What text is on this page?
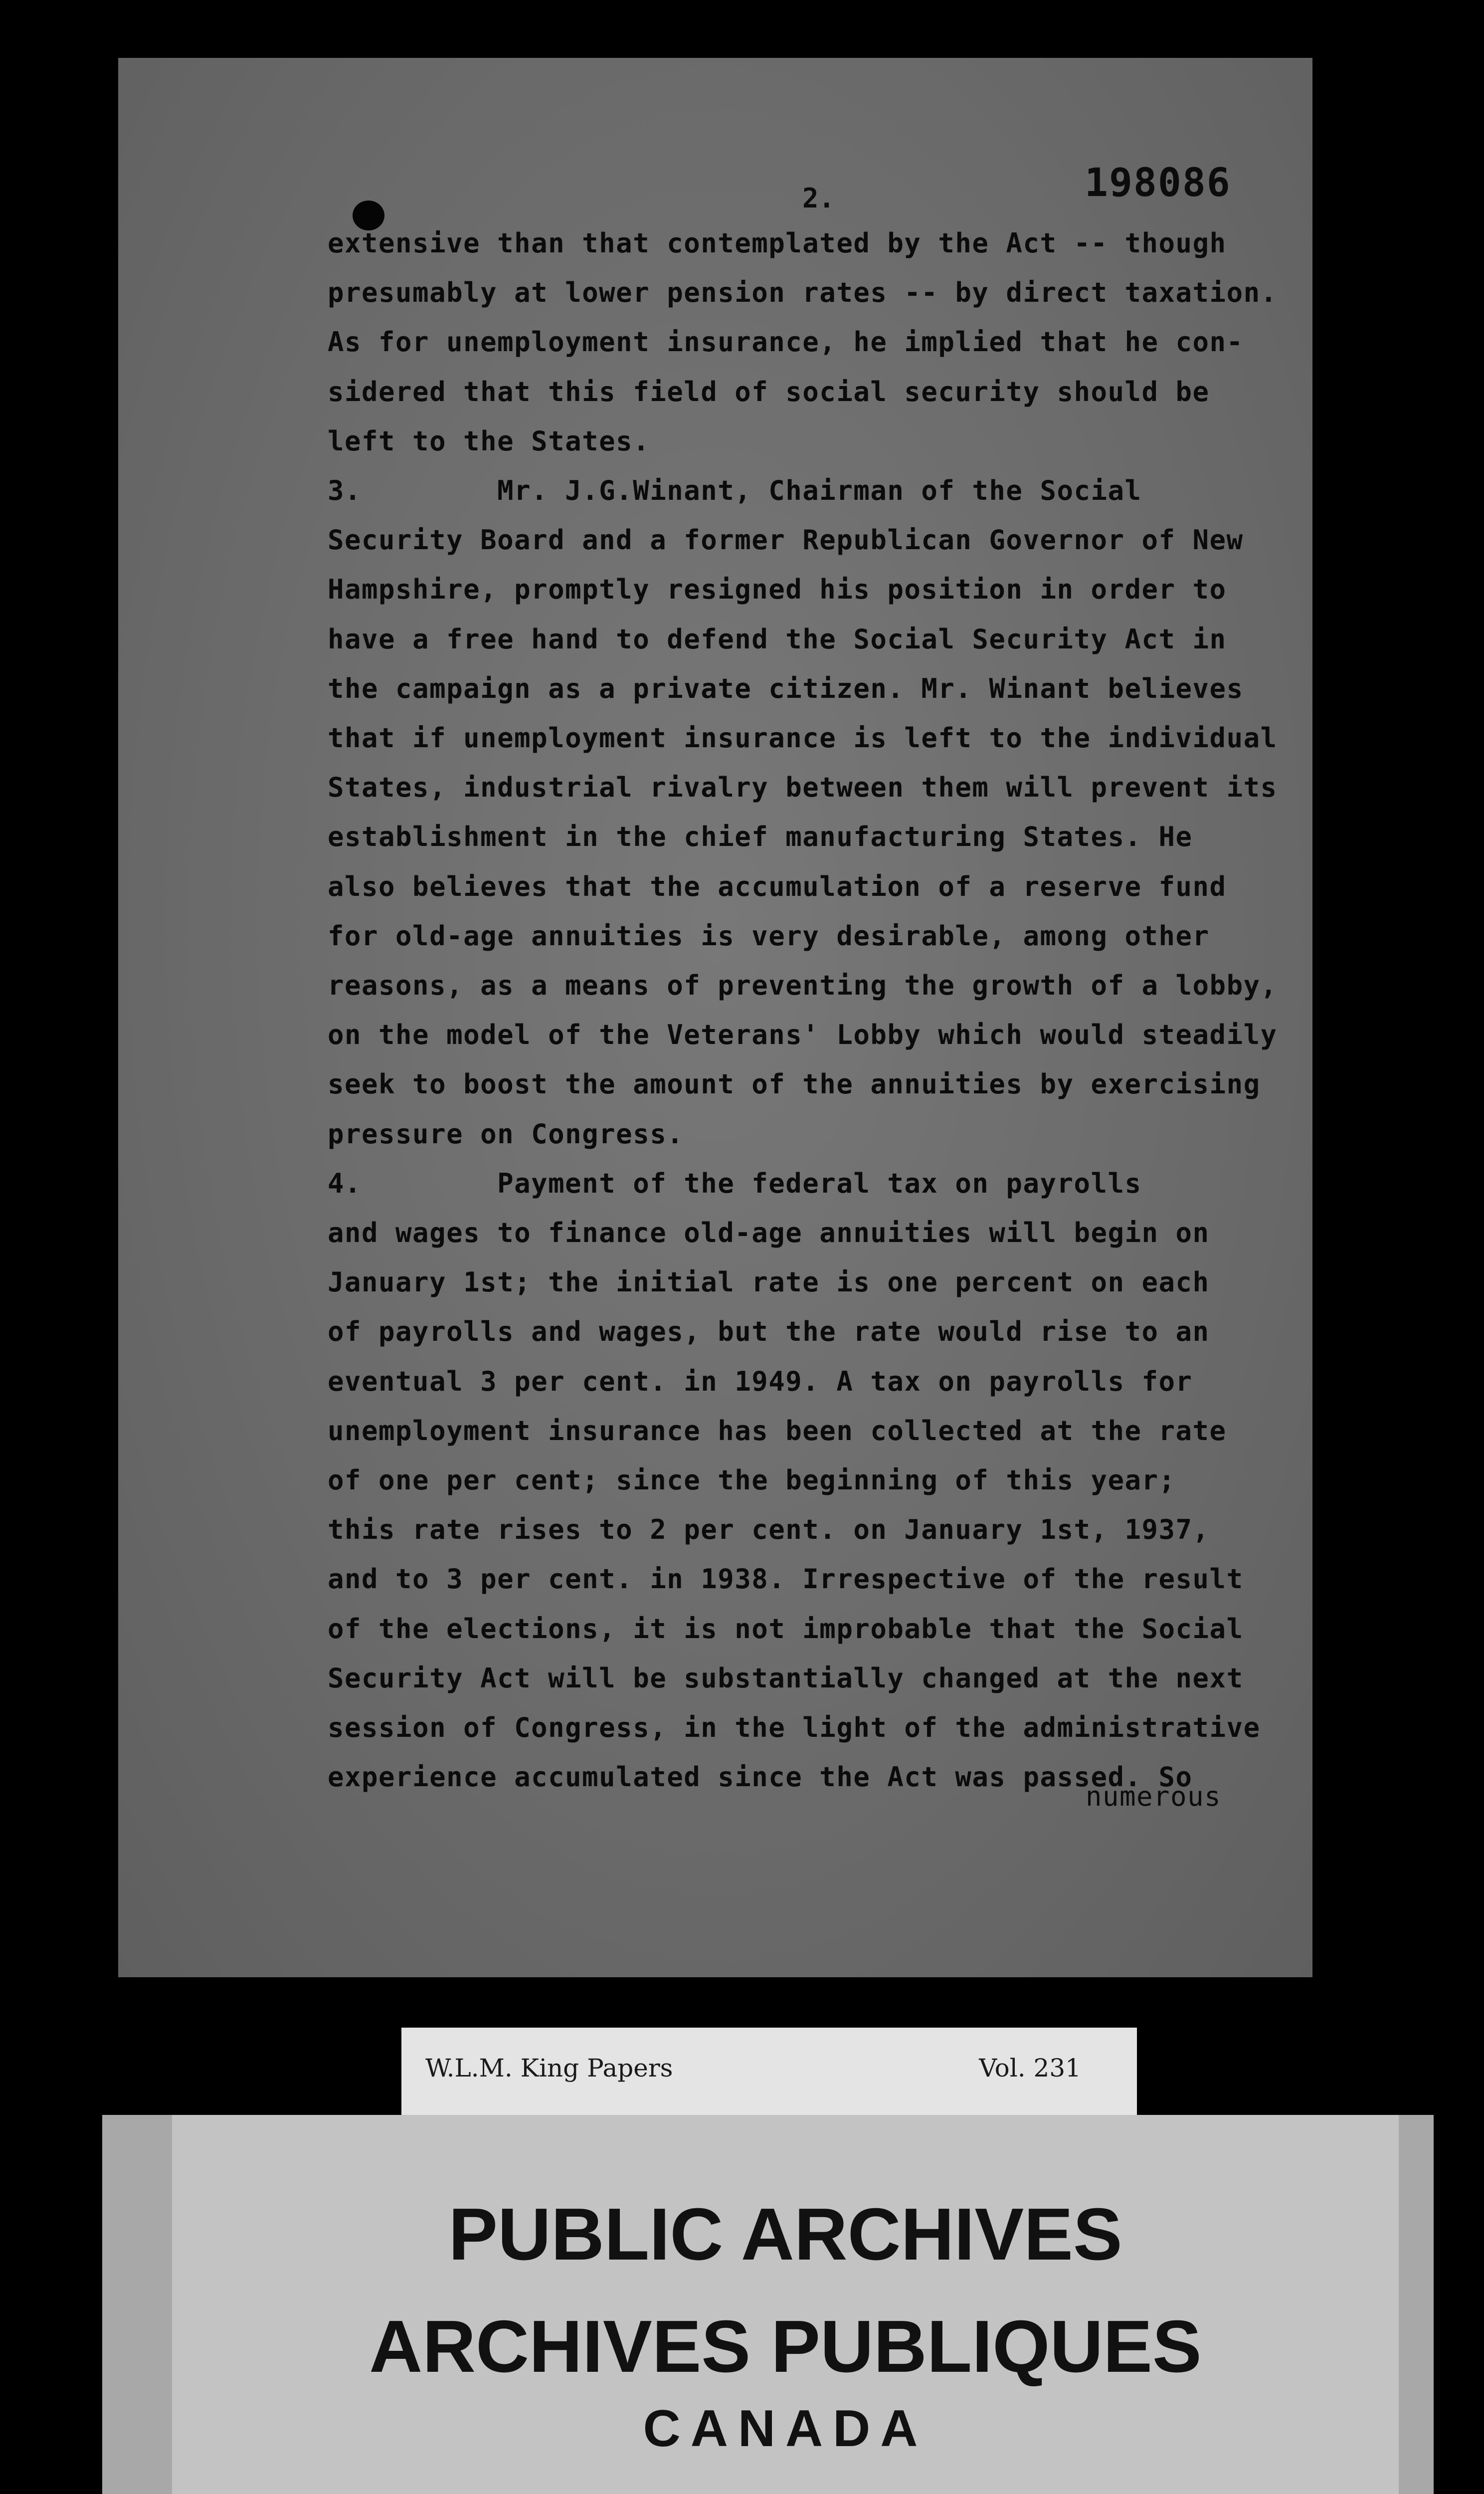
2.	198086
extensive than that contemplated by the Act -- though
presumably at lower pension rates -- by direct taxation.
As for unemployment insurance, he implied that he con-
sidered that this field of social security should be
left to the States.
3.        Mr. J.G.Winant, Chairman of the Social
Security Board and a former Republican Governor of New
Hampshire, promptly resigned his position in order to
have a free hand to defend the Social Security Act in
the campaign as a private citizen. Mr. Winant believes
that if unemployment insurance is left to the individual
States, industrial rivalry between them will prevent its
establishment in the chief manufacturing States. He
also believes that the accumulation of a reserve fund
for old-age annuities is very desirable, among other
reasons, as a means of preventing the growth of a lobby,
on the model of the Veterans' Lobby which would steadily
seek to boost the amount of the annuities by exercising
pressure on Congress.
4.        Payment of the federal tax on payrolls
and wages to finance old-age annuities will begin on
January 1st; the initial rate is one percent on each
of payrolls and wages, but the rate would rise to an
eventual 3 per cent. in 1949. A tax on payrolls for
unemployment insurance has been collected at the rate
of one per cent; since the beginning of this year;
this rate rises to 2 per cent. on January 1st, 1937,
and to 3 per cent. in 1938. Irrespective of the result
of the elections, it is not improbable that the Social
Security Act will be substantially changed at the next
session of Congress, in the light of the administrative
experience accumulated since the Act was passed. So
numerous
W.L.M. King Papers	Vol. 231
PUBLIC ARCHIVES
ARCHIVES PUBLIQUES
CANADA
